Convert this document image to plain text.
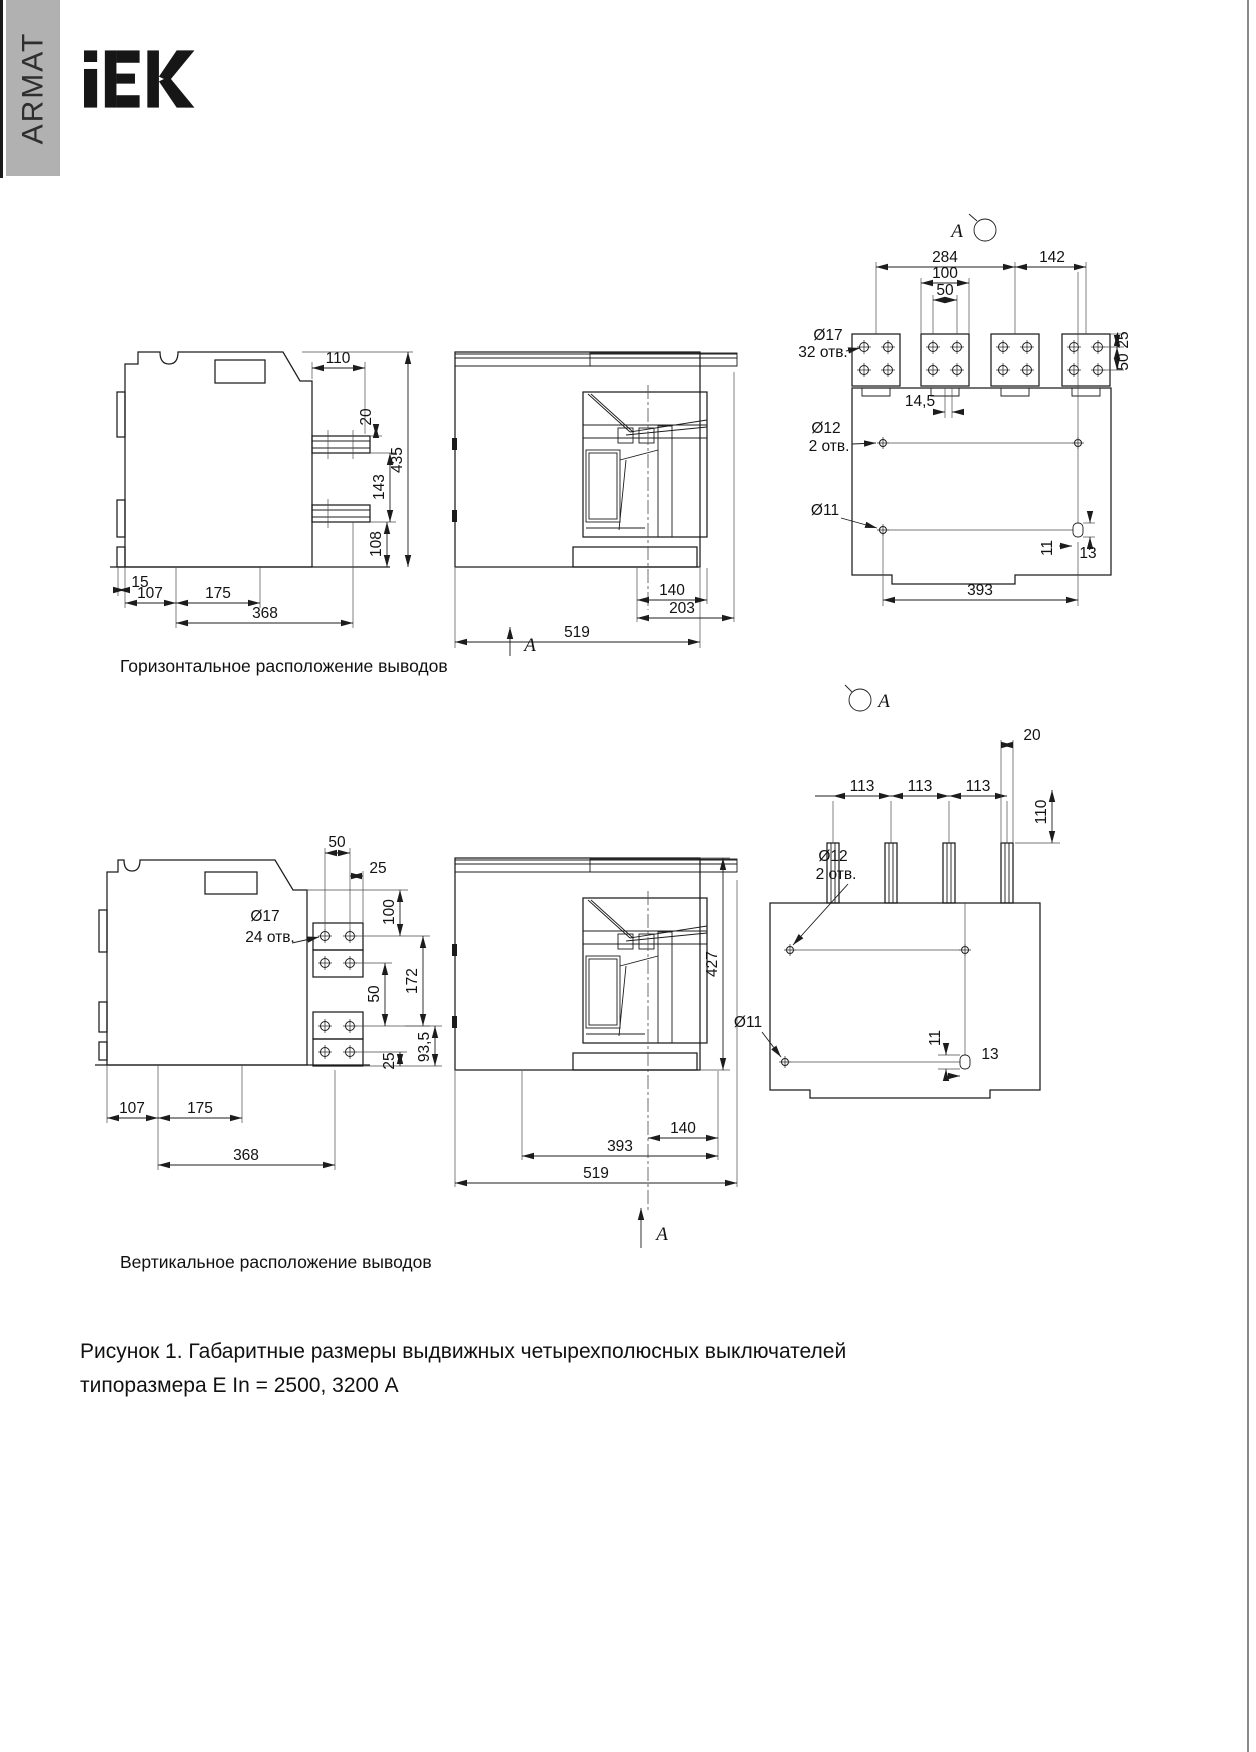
ARMAT
110
20
143
435
108
15
107	175
368
140
203
519
A
A
284	142
100
50
25
50
Ø17
32 отв.
14,5
Ø12
2 отв.
Ø11
11 13
393
Горизонтальное расположение выводов
50
25
100
50
172
25 93,5
Ø17
24 отв.
107	175
368
427
140
393
519
A
A
113 113 113
20
110
Ø12
2 отв.
Ø11
11
13
Вертикальное расположение выводов
Рисунок 1. Габаритные размеры выдвижных четырехполюсных выключателей
типоразмера E In = 2500, 3200 А
